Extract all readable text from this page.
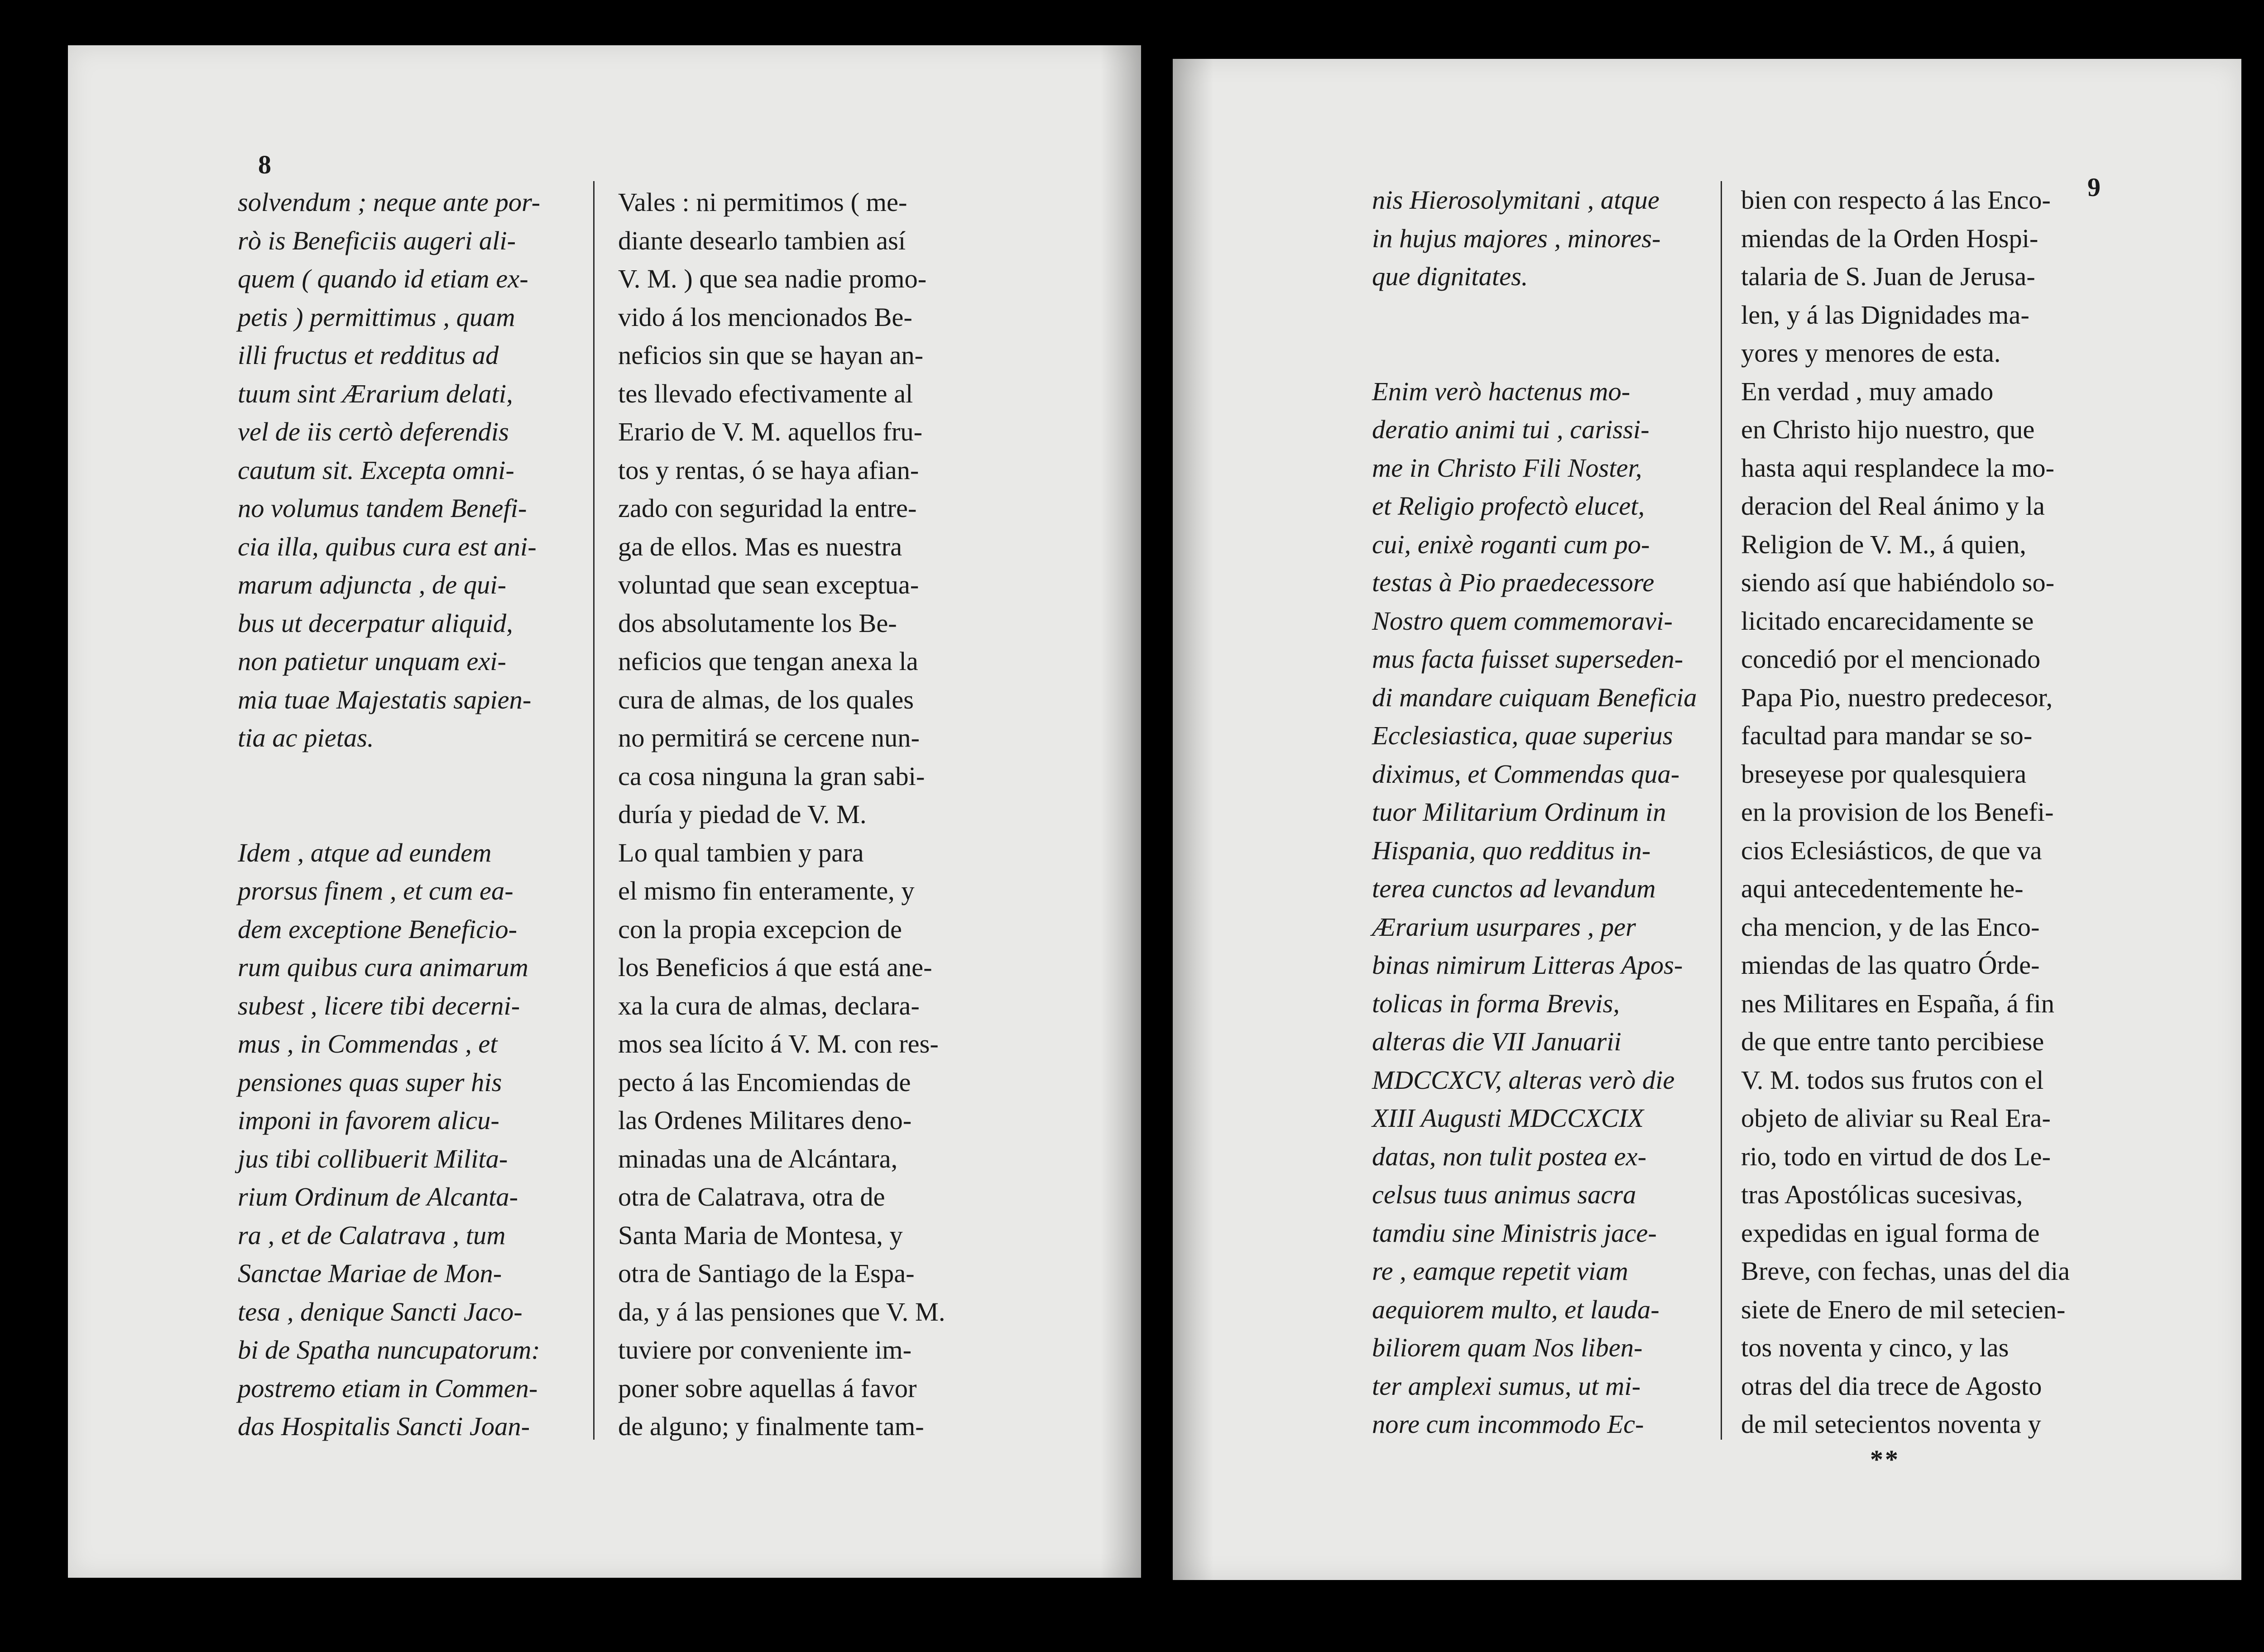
8
solvendum ; neque ante por-
rò is Beneficiis augeri ali-
quem ( quando id etiam ex-
petis ) permittimus , quam
illi fructus et redditus ad
tuum sint Ærarium delati,
vel de iis certò deferendis
cautum sit. Excepta omni-
no volumus tandem Benefi-
cia illa, quibus cura est ani-
marum adjuncta , de qui-
bus ut decerpatur aliquid,
non patietur unquam exi-
mia tuae Majestatis sapien-
tia ac pietas.

Idem , atque ad eundem
prorsus finem , et cum ea-
dem exceptione Beneficio-
rum quibus cura animarum
subest , licere tibi decerni-
mus , in Commendas , et
pensiones quas super his
imponi in favorem alicu-
jus tibi collibuerit Milita-
rium Ordinum de Alcanta-
ra , et de Calatrava , tum
Sanctae Mariae de Mon-
tesa , denique Sancti Jaco-
bi de Spatha nuncupatorum:
postremo etiam in Commen-
das Hospitalis Sancti Joan-
Vales : ni permitimos ( me-
diante desearlo tambien así
V. M. ) que sea nadie promo-
vido á los mencionados Be-
neficios sin que se hayan an-
tes llevado efectivamente al
Erario de V. M. aquellos fru-
tos y rentas, ó se haya afian-
zado con seguridad la entre-
ga de ellos. Mas es nuestra
voluntad que sean exceptua-
dos absolutamente los Be-
neficios que tengan anexa la
cura de almas, de los quales
no permitirá se cercene nun-
ca cosa ninguna la gran sabi-
duría y piedad de V. M.
Lo qual tambien y para
el mismo fin enteramente, y
con la propia excepcion de
los Beneficios á que está ane-
xa la cura de almas, declara-
mos sea lícito á V. M. con res-
pecto á las Encomiendas de
las Ordenes Militares deno-
minadas una de Alcántara,
otra de Calatrava, otra de
Santa Maria de Montesa, y
otra de Santiago de la Espa-
da, y á las pensiones que V. M.
tuviere por conveniente im-
poner sobre aquellas á favor
de alguno; y finalmente tam-
9
nis Hierosolymitani , atque
in hujus majores , minores-
que dignitates.

Enim verò hactenus mo-
deratio animi tui , carissi-
me in Christo Fili Noster,
et Religio profectò elucet,
cui, enixè roganti cum po-
testas à Pio praedecessore
Nostro quem commemoravi-
mus facta fuisset superseden-
di mandare cuiquam Beneficia
Ecclesiastica, quae superius
diximus, et Commendas qua-
tuor Militarium Ordinum in
Hispania, quo redditus in-
terea cunctos ad levandum
Ærarium usurpares , per
binas nimirum Litteras Apos-
tolicas in forma Brevis,
alteras die VII Januarii
MDCCXCV, alteras verò die
XIII Augusti MDCCXCIX
datas, non tulit postea ex-
celsus tuus animus sacra
tamdiu sine Ministris jace-
re , eamque repetit viam
aequiorem multo, et lauda-
biliorem quam Nos liben-
ter amplexi sumus, ut mi-
nore cum incommodo Ec-
bien con respecto á las Enco-
miendas de la Orden Hospi-
talaria de S. Juan de Jerusa-
len, y á las Dignidades ma-
yores y menores de esta.
En verdad , muy amado
en Christo hijo nuestro, que
hasta aqui resplandece la mo-
deracion del Real ánimo y la
Religion de V. M., á quien,
siendo así que habiéndolo so-
licitado encarecidamente se
concedió por el mencionado
Papa Pio, nuestro predecesor,
facultad para mandar se so-
breseyese por qualesquiera
en la provision de los Benefi-
cios Eclesiásticos, de que va
aqui antecedentemente he-
cha mencion, y de las Enco-
miendas de las quatro Órde-
nes Militares en España, á fin
de que entre tanto percibiese
V. M. todos sus frutos con el
objeto de aliviar su Real Era-
rio, todo en virtud de dos Le-
tras Apostólicas sucesivas,
expedidas en igual forma de
Breve, con fechas, unas del dia
siete de Enero de mil setecien-
tos noventa y cinco, y las
otras del dia trece de Agosto
de mil setecientos noventa y
**
